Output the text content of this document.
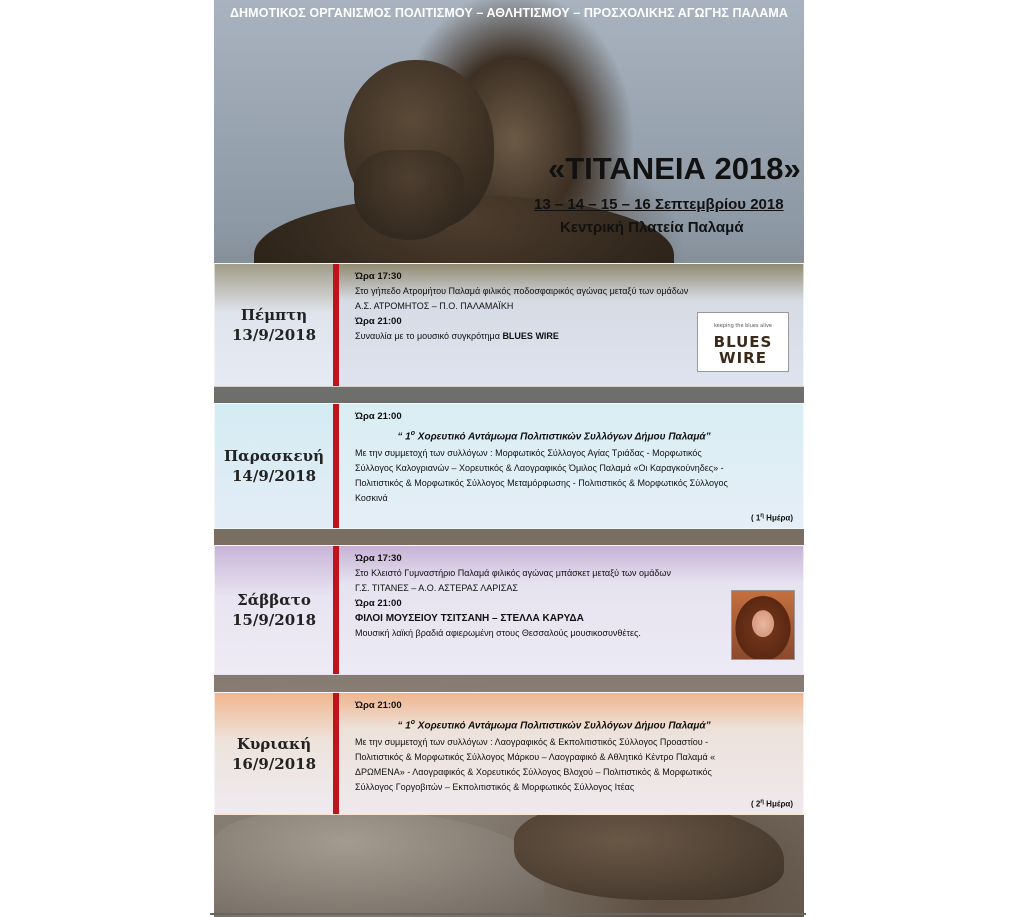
ΔΗΜΟΤΙΚΟΣ ΟΡΓΑΝΙΣΜΟΣ ΠΟΛΙΤΙΣΜΟΥ – ΑΘΛΗΤΙΣΜΟΥ – ΠΡΟΣΧΟΛΙΚΗΣ ΑΓΩΓΗΣ ΠΑΛΑΜΑ
«ΤΙΤΑΝΕΙΑ 2018»
13 – 14 – 15 – 16 Σεπτεμβρίου 2018
Κεντρική Πλατεία Παλαμά
Πέμπτη
13/9/2018

Ώρα 17:30

Στο γήπεδο Ατρομήτου Παλαμά φιλικός ποδοσφαιρικός αγώνας μεταξύ των ομάδων

Α.Σ. ΑΤΡΟΜΗΤΟΣ – Π.Ο. ΠΑΛΑΜΑΪΚΗ

Ώρα 21:00

Συναυλία με το μουσικό συγκρότημα BLUES WIRE

keeping the blues alive
BLUES
WIRE
Παρασκευή
14/9/2018

Ώρα 21:00

“ $1^o$ Χορευτικό Αντάμωμα Πολιτιστικών Συλλόγων Δήμου Παλαμά”

Με την συμμετοχή των συλλόγων : Μορφωτικός Σύλλογος Αγίας Τριάδας - Μορφωτικός

Σύλλογος Καλογριανών – Χορευτικός & Λαογραφικός Όμιλος Παλαμά «Οι Καραγκούνηδες» -

Πολιτιστικός & Μορφωτικός Σύλλογος Μεταμόρφωσης - Πολιτιστικός & Μορφωτικός Σύλλογος

Κοσκινά

( $1^\eta$ Ημέρα)
Σάββατο
15/9/2018

Ώρα 17:30

Στο Κλειστό Γυμναστήριο Παλαμά φιλικός αγώνας μπάσκετ μεταξύ των ομάδων

Γ.Σ. ΤΙΤΑΝΕΣ – Α.Ο. ΑΣΤΕΡΑΣ ΛΑΡΙΣΑΣ

Ώρα 21:00

ΦΙΛΟΙ ΜΟΥΣΕΙΟΥ ΤΣΙΤΣΑΝΗ – ΣΤΕΛΛΑ ΚΑΡΥΔΑ

Μουσική λαϊκή βραδιά αφιερωμένη στους Θεσσαλούς μουσικοσυνθέτες.

Κυριακή
16/9/2018

Ώρα 21:00

“ $1^o$ Χορευτικό Αντάμωμα Πολιτιστικών Συλλόγων Δήμου Παλαμά”

Με την συμμετοχή των συλλόγων : Λαογραφικός & Εκπολιτιστικός Σύλλογος Προαστίου -

Πολιτιστικός & Μορφωτικός Σύλλογος Μάρκου – Λαογραφικό & Αθλητικό Κέντρο Παλαμά «

ΔΡΩΜΕΝΑ» - Λαογραφικός & Χορευτικός Σύλλογος Βλοχού – Πολιτιστικός & Μορφωτικός

Σύλλογος Γοργοβιτών – Εκπολιτιστικός & Μορφωτικός Σύλλογος Ιτέας

( $2^\eta$ Ημέρα)
